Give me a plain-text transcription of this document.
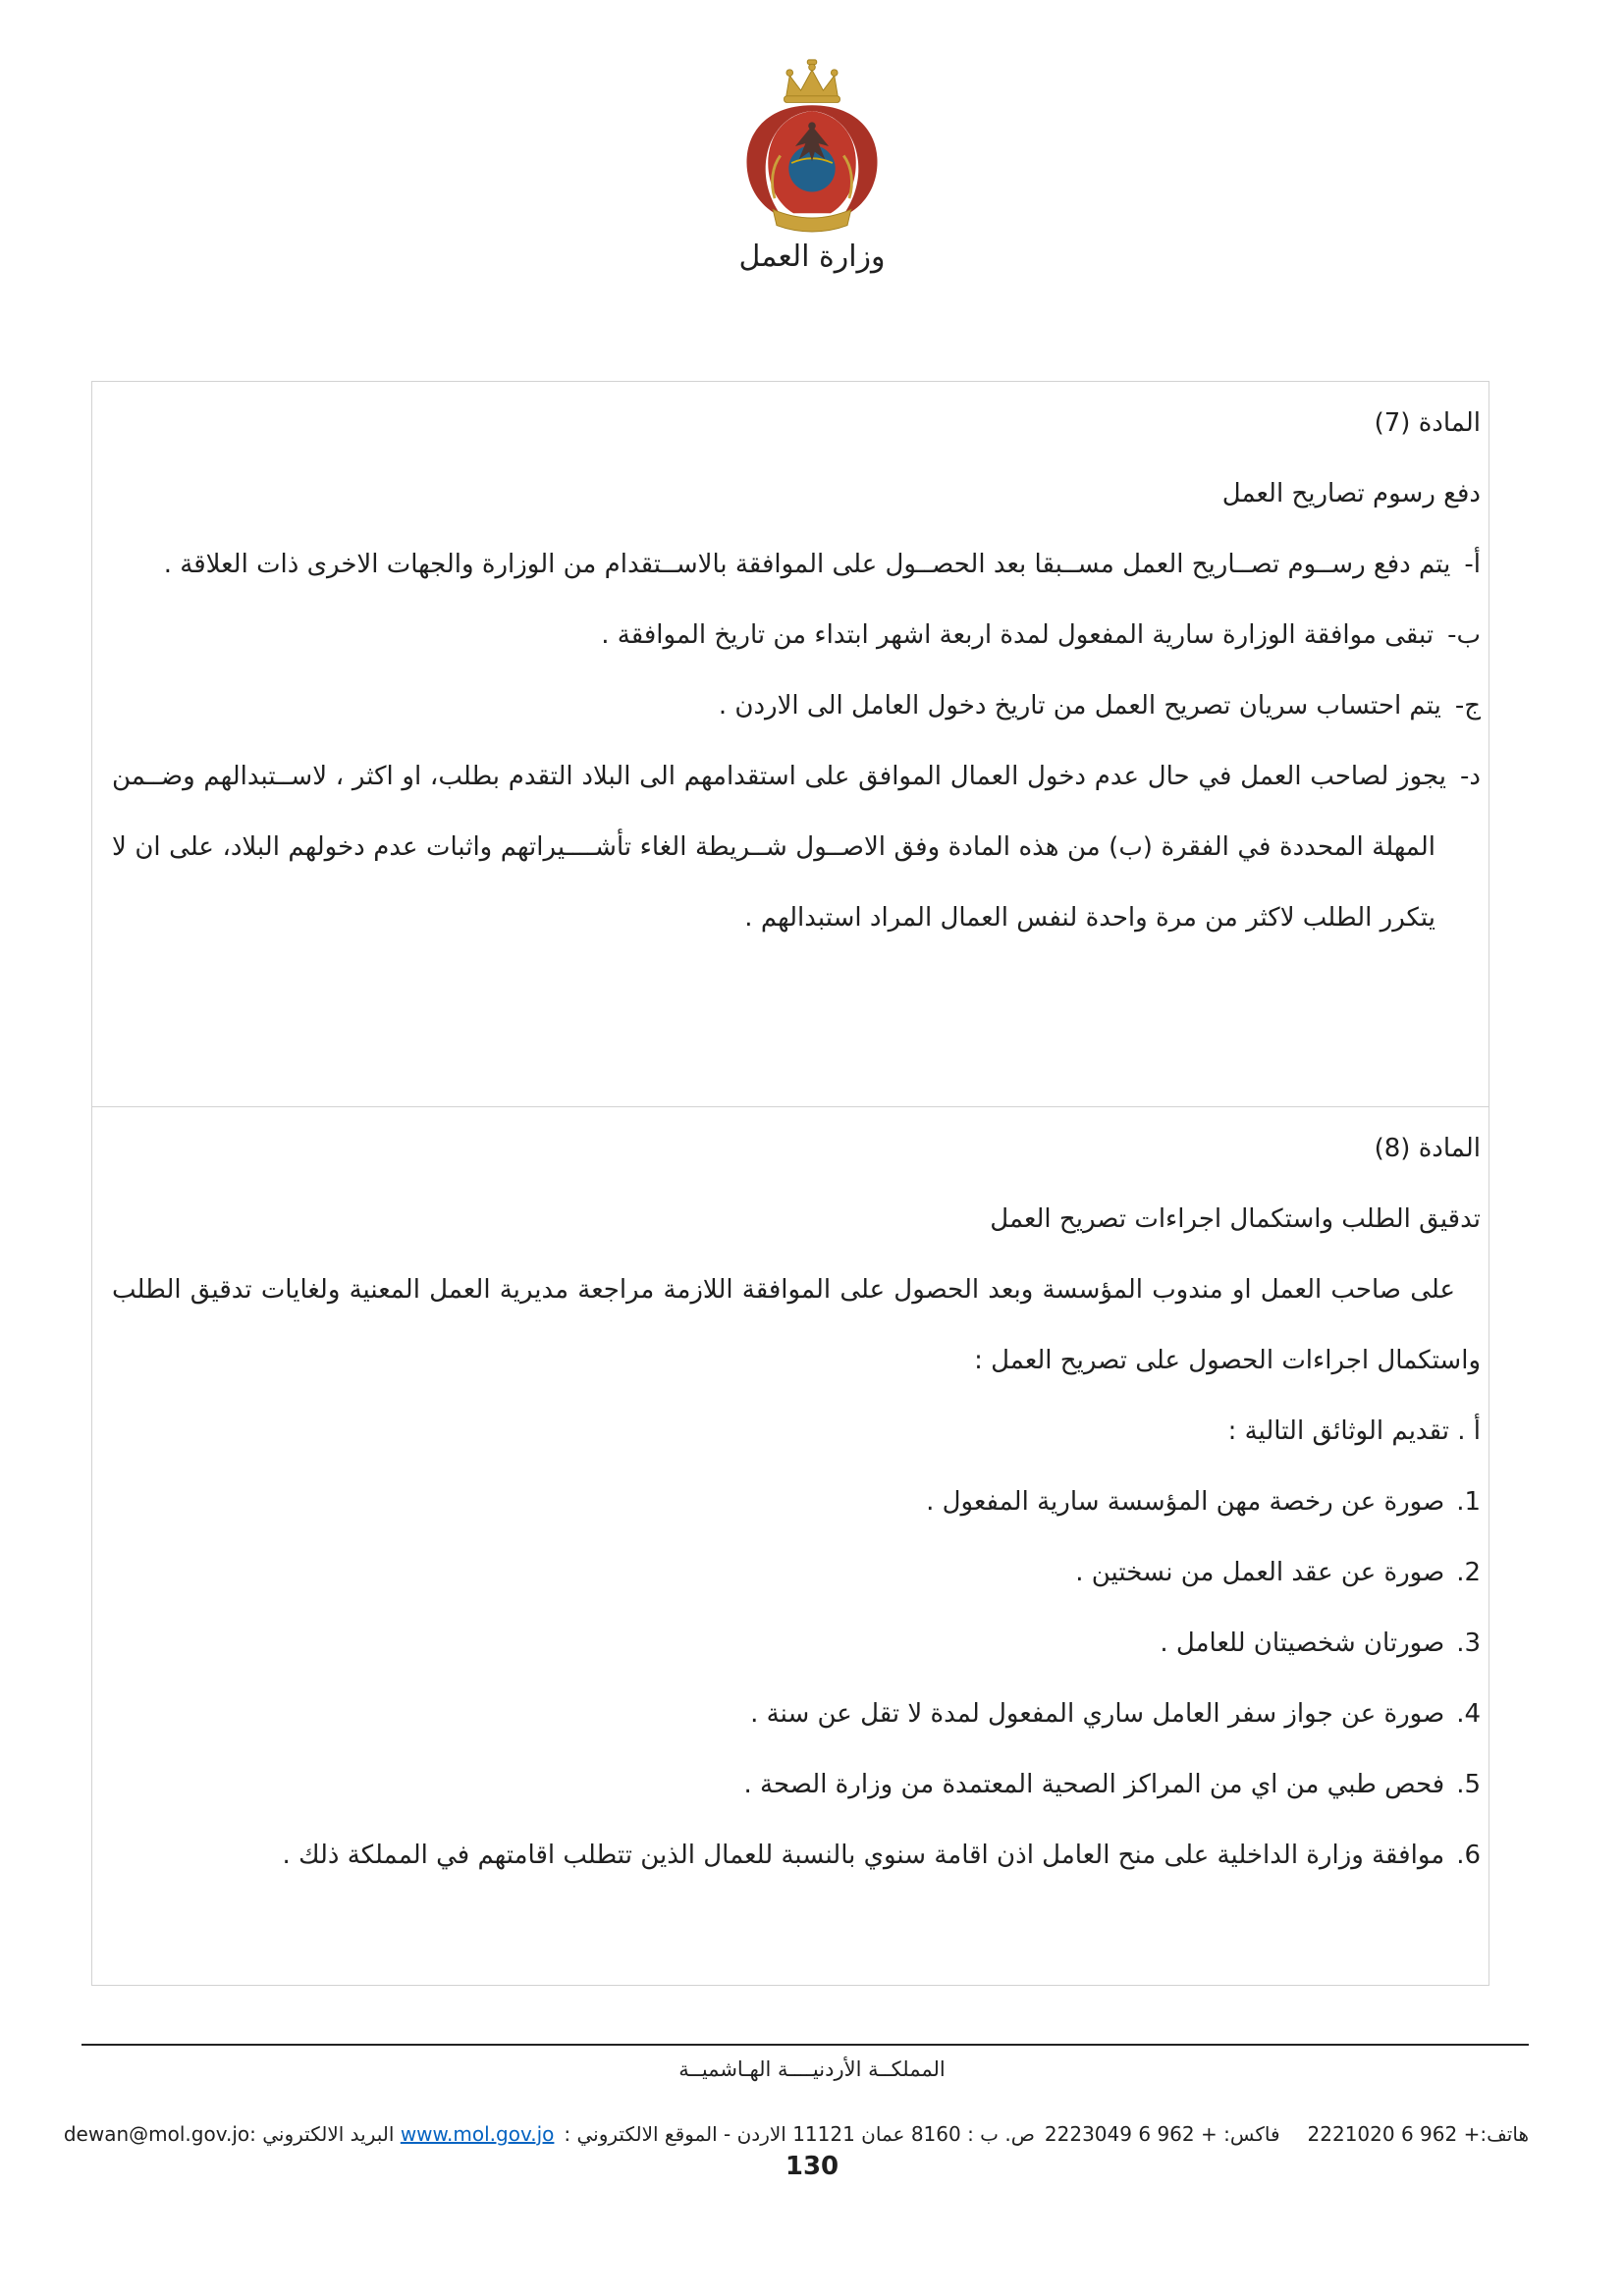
وزارة العمل

المادة (7)

دفع رسوم تصاريح العمل

أ-يتم دفع رســوم تصــاريح العمل مســبقا بعد الحصــول على الموافقة بالاســتقدام من الوزارة والجهات الاخرى ذات العلاقة .

ب-تبقى موافقة الوزارة سارية المفعول لمدة اربعة اشهر ابتداء من تاريخ الموافقة .

ج-يتم احتساب سريان تصريح العمل من تاريخ دخول العامل الى الاردن .

د-يجوز لصاحب العمل في حال عدم دخول العمال الموافق على استقدامهم الى البلاد التقدم بطلب، او اكثر ، لاســتبدالهم وضــمن المهلة المحددة في الفقرة (ب) من هذه المادة وفق الاصــول شــريطة الغاء تأشــــيراتهم واثبات عدم دخولهم البلاد، على ان لا يتكرر الطلب لاكثر من مرة واحدة لنفس العمال المراد استبدالهم .

المادة (8)

تدقيق الطلب واستكمال اجراءات تصريح العمل

على صاحب العمل او مندوب المؤسسة وبعد الحصول على الموافقة اللازمة مراجعة مديرية العمل المعنية ولغايات تدقيق الطلب واستكمال اجراءات الحصول على تصريح العمل :

أ . تقديم الوثائق التالية :

1.صورة عن رخصة مهن المؤسسة سارية المفعول .

2.صورة عن عقد العمل من نسختين .

3.صورتان شخصيتان للعامل .

4.صورة عن جواز سفر العامل ساري المفعول لمدة لا تقل عن سنة .

5.فحص طبي من اي من المراكز الصحية المعتمدة من وزارة الصحة .

6.موافقة وزارة الداخلية على منح العامل اذن اقامة سنوي بالنسبة للعمال الذين تتطلب اقامتهم في المملكة ذلك .

المملكــة الأردنيــــة الهـاشميــة

هاتف:+ 962 6 2221020فاكس: + 962 6 2223049ص. ب : 8160 عمان 11121 الاردن - الموقع الالكتروني :www.mol.gov.jo البريد الالكتروني :dewan@mol.gov.jo

130
